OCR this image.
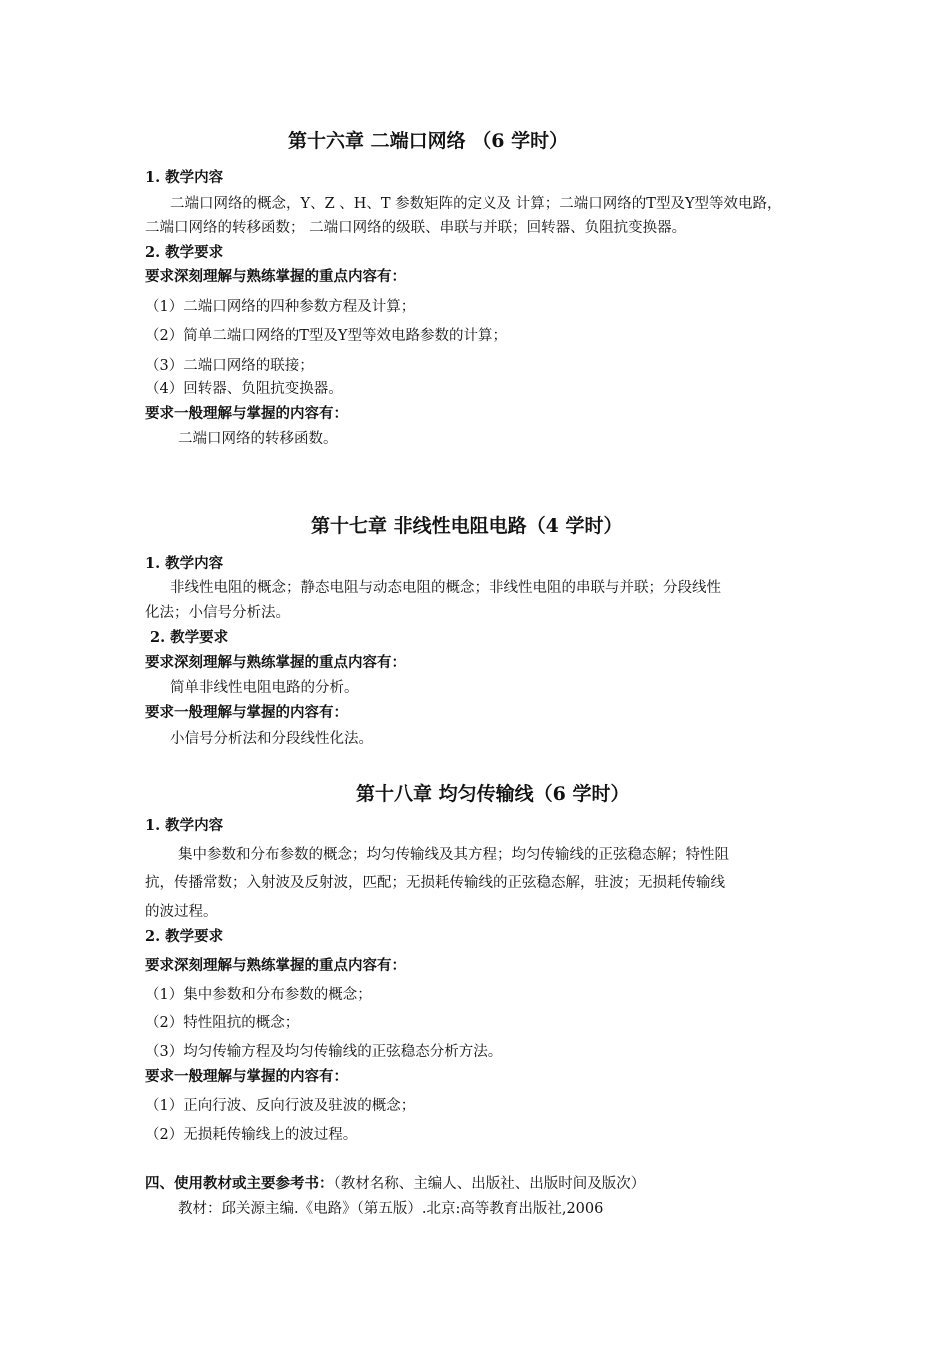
第十六章 二端口网络 （6 学时）
1. 教学内容
二端口网络的概念，Y、Z 、H、T 参数矩阵的定义及 计算；二端口网络的T型及Y型等效电路，
二端口网络的转移函数； 二端口网络的级联、串联与并联；回转器、负阻抗变换器。
2. 教学要求
要求深刻理解与熟练掌握的重点内容有：
（1）二端口网络的四种参数方程及计算；
（2）简单二端口网络的T型及Y型等效电路参数的计算；
（3）二端口网络的联接；
（4）回转器、负阻抗变换器。
要求一般理解与掌握的内容有：
二端口网络的转移函数。
第十七章 非线性电阻电路（4 学时）
1. 教学内容
非线性电阻的概念；静态电阻与动态电阻的概念；非线性电阻的串联与并联；分段线性
化法；小信号分析法。
2. 教学要求
要求深刻理解与熟练掌握的重点内容有：
简单非线性电阻电路的分析。
要求一般理解与掌握的内容有：
小信号分析法和分段线性化法。
第十八章 均匀传输线（6 学时）
1. 教学内容
集中参数和分布参数的概念；均匀传输线及其方程；均匀传输线的正弦稳态解；特性阻
抗，传播常数；入射波及反射波，匹配；无损耗传输线的正弦稳态解，驻波；无损耗传输线
的波过程。
2. 教学要求
要求深刻理解与熟练掌握的重点内容有：
（1）集中参数和分布参数的概念；
（2）特性阻抗的概念；
（3）均匀传输方程及均匀传输线的正弦稳态分析方法。
要求一般理解与掌握的内容有：
（1）正向行波、反向行波及驻波的概念；
（2）无损耗传输线上的波过程。
四、使用教材或主要参考书：（教材名称、主编人、出版社、出版时间及版次）
教材：邱关源主编.《电路》（第五版）.北京:高等教育出版社,2006
